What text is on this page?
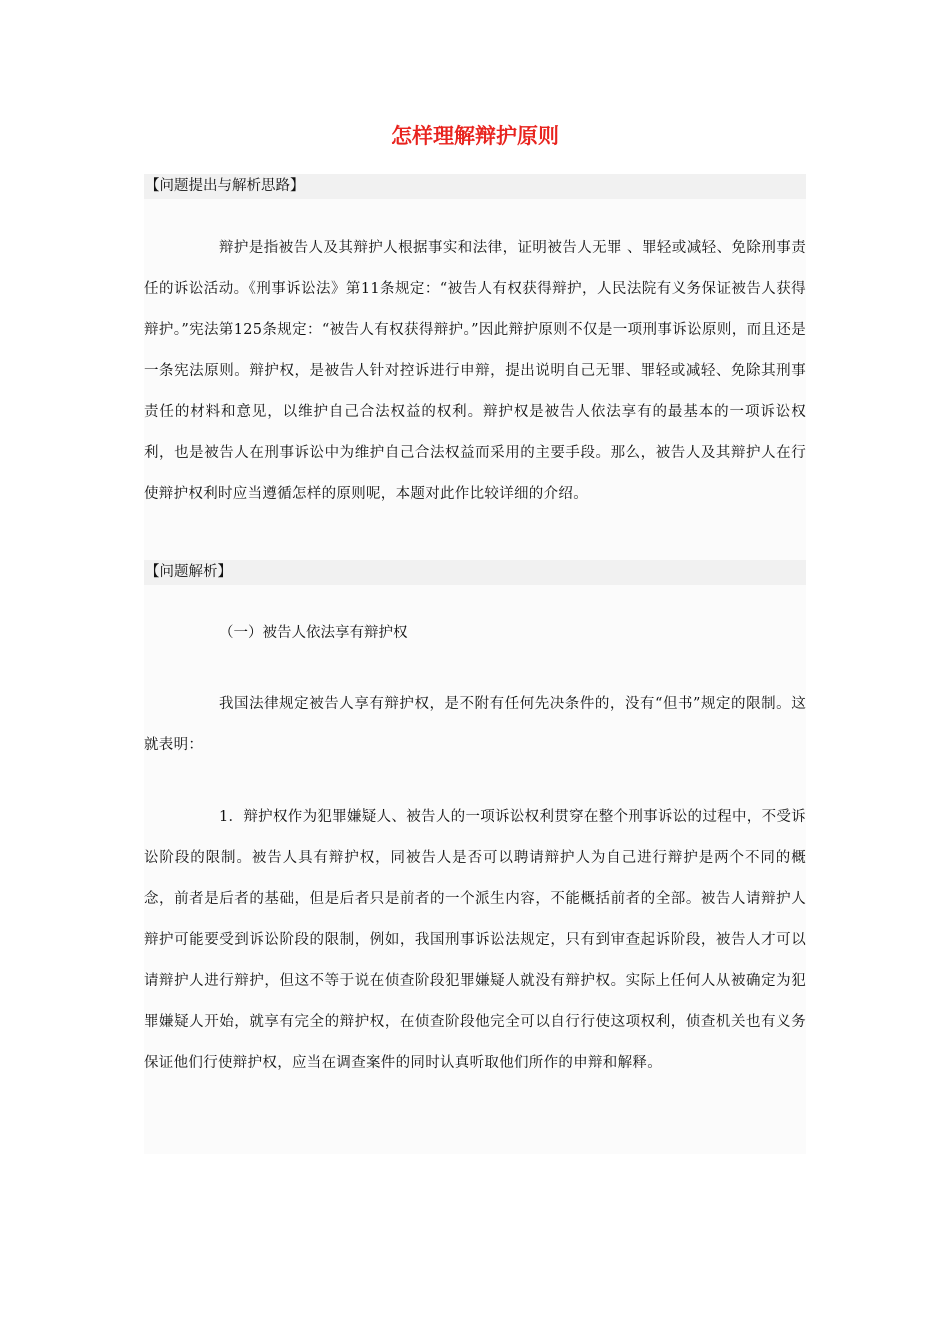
怎样理解辩护原则
【问题提出与解析思路】

辩护是指被告人及其辩护人根据事实和法律，证明被告人无罪 、罪轻或减轻、免除刑事责任的诉讼活动。《刑事诉讼法》第11条规定：“被告人有权获得辩护，人民法院有义务保证被告人获得辩护。”宪法第125条规定：“被告人有权获得辩护。”因此辩护原则不仅是一项刑事诉讼原则，而且还是一条宪法原则。辩护权，是被告人针对控诉进行申辩，提出说明自己无罪、罪轻或减轻、免除其刑事责任的材料和意见，以维护自己合法权益的权利。辩护权是被告人依法享有的最基本的一项诉讼权利，也是被告人在刑事诉讼中为维护自己合法权益而采用的主要手段。那么，被告人及其辩护人在行使辩护权利时应当遵循怎样的原则呢，本题对此作比较详细的介绍。

【问题解析】
（一）被告人依法享有辩护权

我国法律规定被告人享有辩护权，是不附有任何先决条件的，没有“但书”规定的限制。这就表明：

1．辩护权作为犯罪嫌疑人、被告人的一项诉讼权利贯穿在整个刑事诉讼的过程中，不受诉讼阶段的限制。被告人具有辩护权，同被告人是否可以聘请辩护人为自己进行辩护是两个不同的概念，前者是后者的基础，但是后者只是前者的一个派生内容，不能概括前者的全部。被告人请辩护人辩护可能要受到诉讼阶段的限制，例如，我国刑事诉讼法规定，只有到审查起诉阶段，被告人才可以请辩护人进行辩护，但这不等于说在侦查阶段犯罪嫌疑人就没有辩护权。实际上任何人从被确定为犯罪嫌疑人开始，就享有完全的辩护权，在侦查阶段他完全可以自行行使这项权利，侦查机关也有义务保证他们行使辩护权，应当在调查案件的同时认真听取他们所作的申辩和解释。
